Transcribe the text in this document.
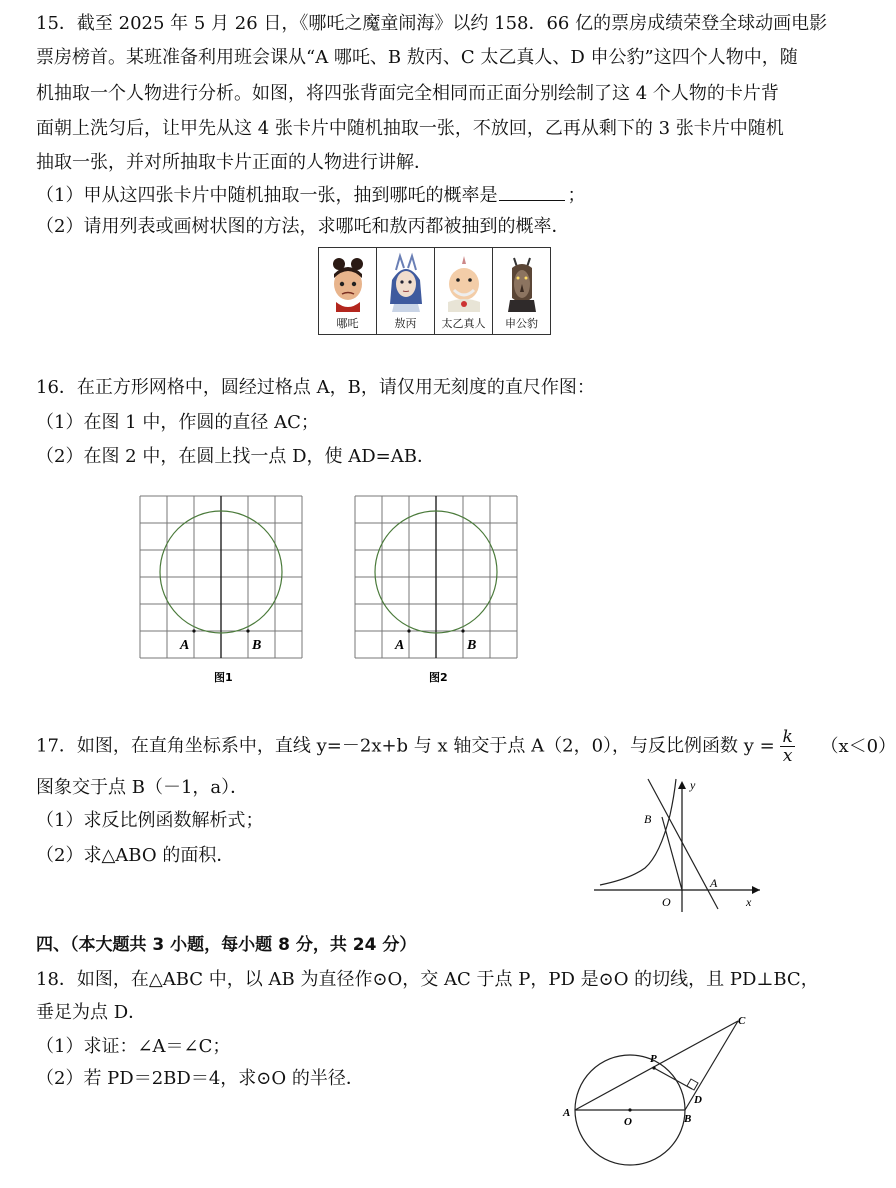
15．截至 2025 年 5 月 26 日，《哪吒之魔童闹海》以约 158．66 亿的票房成绩荣登全球动画电影
票房榜首。某班准备利用班会课从“A 哪吒、B 敖丙、C 太乙真人、D 申公豹”这四个人物中，随
机抽取一个人物进行分析。如图，将四张背面完全相同而正面分别绘制了这 4 个人物的卡片背
面朝上洗匀后，让甲先从这 4 张卡片中随机抽取一张，不放回，乙再从剩下的 3 张卡片中随机
抽取一张，并对所抽取卡片正面的人物进行讲解．
（1）甲从这四张卡片中随机抽取一张，抽到哪吒的概率是	；
（2）请用列表或画树状图的方法，求哪吒和敖丙都被抽到的概率．
哪吒	敖丙	太乙真人	申公豹
16．在正方形网格中，圆经过格点 A，B，请仅用无刻度的直尺作图：
（1）在图 1 中，作圆的直径 AC；
（2）在图 2 中，在圆上找一点 D，使 AD=AB．
A	B
图1
A	B
图2
17．如图，在直角坐标系中，直线 y=－2x+b 与 x 轴交于点 A（2，0），与反比例函数 $y = \frac{k}{x} (x<0)$
图象交于点 B（－1，a）．
（1）求反比例函数解析式；
（2）求△ABO 的面积．
y
x
O
A
B
四、（本大题共 3 小题，每小题 8 分，共 24 分）
18．如图，在△ABC 中，以 AB 为直径作⊙O，交 AC 于点 P，PD 是⊙O 的切线，且 PD⊥BC，
垂足为点 D．
（1）求证：∠A＝∠C；
（2）若 PD＝2BD＝4，求⊙O 的半径．
A	B
C
D
O
P
